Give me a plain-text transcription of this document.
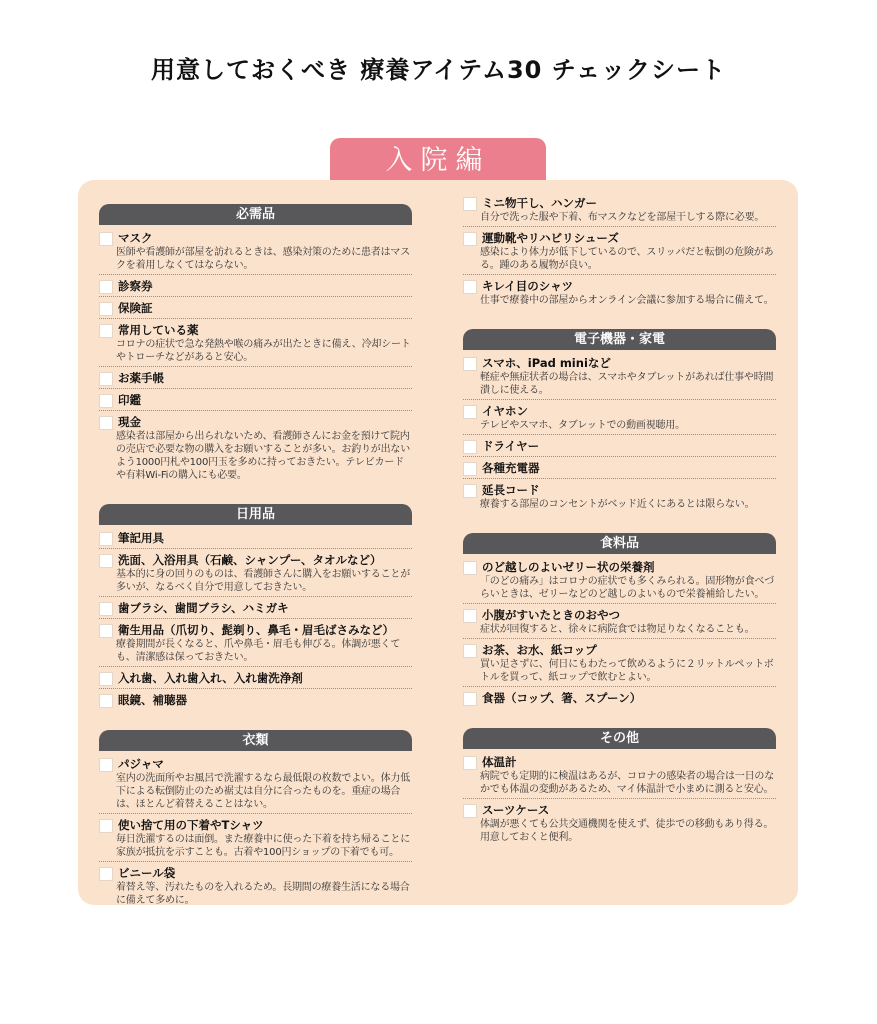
用意しておくべき 療養アイテム30 チェックシート
入院編
必需品
マスク
医師や看護師が部屋を訪れるときは、感染対策のために患者はマスクを着用しなくてはならない。
診察券
保険証
常用している薬
コロナの症状で急な発熱や喉の痛みが出たときに備え、冷却シートやトローチなどがあると安心。
お薬手帳
印鑑
現金
感染者は部屋から出られないため、看護師さんにお金を預けて院内の売店で必要な物の購入をお願いすることが多い。お釣りが出ないよう1000円札や100円玉を多めに持っておきたい。テレビカードや有料Wi-Fiの購入にも必要。
日用品
筆記用具
洗面、入浴用具（石鹸、シャンプー、タオルなど）
基本的に身の回りのものは、看護師さんに購入をお願いすることが多いが、なるべく自分で用意しておきたい。
歯ブラシ、歯間ブラシ、ハミガキ
衛生用品（爪切り、髭剃り、鼻毛・眉毛ばさみなど）
療養期間が長くなると、爪や鼻毛・眉毛も伸びる。体調が悪くても、清潔感は保っておきたい。
入れ歯、入れ歯入れ、入れ歯洗浄剤
眼鏡、補聴器
衣類
パジャマ
室内の洗面所やお風呂で洗濯するなら最低限の枚数でよい。体力低下による転倒防止のため裾丈は自分に合ったものを。重症の場合は、ほとんど着替えることはない。
使い捨て用の下着やTシャツ
毎日洗濯するのは面倒。また療養中に使った下着を持ち帰ることに家族が抵抗を示すことも。古着や100円ショップの下着でも可。
ビニール袋
着替え等、汚れたものを入れるため。長期間の療養生活になる場合に備えて多めに。
ミニ物干し、ハンガー
自分で洗った服や下着、布マスクなどを部屋干しする際に必要。
運動靴やリハビリシューズ
感染により体力が低下しているので、スリッパだと転倒の危険がある。踵のある履物が良い。
キレイ目のシャツ
仕事で療養中の部屋からオンライン会議に参加する場合に備えて。
電子機器・家電
スマホ、iPad miniなど
軽症や無症状者の場合は、スマホやタブレットがあれば仕事や時間潰しに使える。
イヤホン
テレビやスマホ、タブレットでの動画視聴用。
ドライヤー
各種充電器
延長コード
療養する部屋のコンセントがベッド近くにあるとは限らない。
食料品
のど越しのよいゼリー状の栄養剤
「のどの痛み」はコロナの症状でも多くみられる。固形物が食べづらいときは、ゼリーなどのど越しのよいもので栄養補給したい。
小腹がすいたときのおやつ
症状が回復すると、徐々に病院食では物足りなくなることも。
お茶、お水、紙コップ
買い足さずに、何日にもわたって飲めるように２リットルペットボトルを買って、紙コップで飲むとよい。
食器（コップ、箸、スプーン）
その他
体温計
病院でも定期的に検温はあるが、コロナの感染者の場合は一日のなかでも体温の変動があるため、マイ体温計で小まめに測ると安心。
スーツケース
体調が悪くても公共交通機関を使えず、徒歩での移動もあり得る。用意しておくと便利。
